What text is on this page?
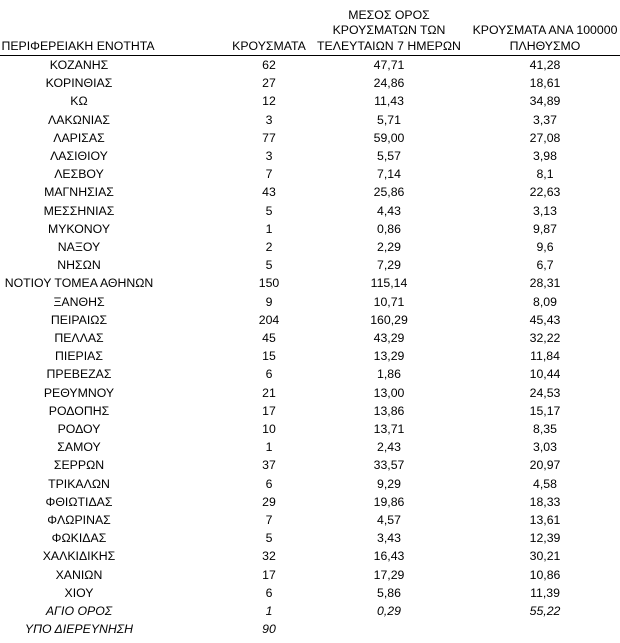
ΠΕΡΙΦΕΡΕΙΑΚΗ ΕΝΟΤΗΤΑ	ΚΡΟΥΣΜΑΤΑ	ΜΕΣΟΣ ΟΡΟΣ
ΚΡΟΥΣΜΑΤΩΝ ΤΩΝ
ΤΕΛΕΥΤΑΙΩΝ 7 ΗΜΕΡΩΝ	ΚΡΟΥΣΜΑΤΑ ΑΝΑ 100000
ΠΛΗΘΥΣΜΟ

ΚΟΖΑΝΗΣ	62	47,71	41,28
ΚΟΡΙΝΘΙΑΣ	27	24,86	18,61
ΚΩ	12	11,43	34,89
ΛΑΚΩΝΙΑΣ	3	5,71	3,37
ΛΑΡΙΣΑΣ	77	59,00	27,08
ΛΑΣΙΘΙΟΥ	3	5,57	3,98
ΛΕΣΒΟΥ	7	7,14	8,1
ΜΑΓΝΗΣΙΑΣ	43	25,86	22,63
ΜΕΣΣΗΝΙΑΣ	5	4,43	3,13
ΜΥΚΟΝΟΥ	1	0,86	9,87
ΝΑΞΟΥ	2	2,29	9,6
ΝΗΣΩΝ	5	7,29	6,7
ΝΟΤΙΟΥ ΤΟΜΕΑ ΑΘΗΝΩΝ	150	115,14	28,31
ΞΑΝΘΗΣ	9	10,71	8,09
ΠΕΙΡΑΙΩΣ	204	160,29	45,43
ΠΕΛΛΑΣ	45	43,29	32,22
ΠΙΕΡΙΑΣ	15	13,29	11,84
ΠΡΕΒΕΖΑΣ	6	1,86	10,44
ΡΕΘΥΜΝΟΥ	21	13,00	24,53
ΡΟΔΟΠΗΣ	17	13,86	15,17
ΡΟΔΟΥ	10	13,71	8,35
ΣΑΜΟΥ	1	2,43	3,03
ΣΕΡΡΩΝ	37	33,57	20,97
ΤΡΙΚΑΛΩΝ	6	9,29	4,58
ΦΘΙΩΤΙΔΑΣ	29	19,86	18,33
ΦΛΩΡΙΝΑΣ	7	4,57	13,61
ΦΩΚΙΔΑΣ	5	3,43	12,39
ΧΑΛΚΙΔΙΚΗΣ	32	16,43	30,21
ΧΑΝΙΩΝ	17	17,29	10,86
ΧΙΟΥ	6	5,86	11,39
ΑΓΙΟ ΟΡΟΣ	1	0,29	55,22
ΥΠΟ ΔΙΕΡΕΥΝΗΣΗ	90		
